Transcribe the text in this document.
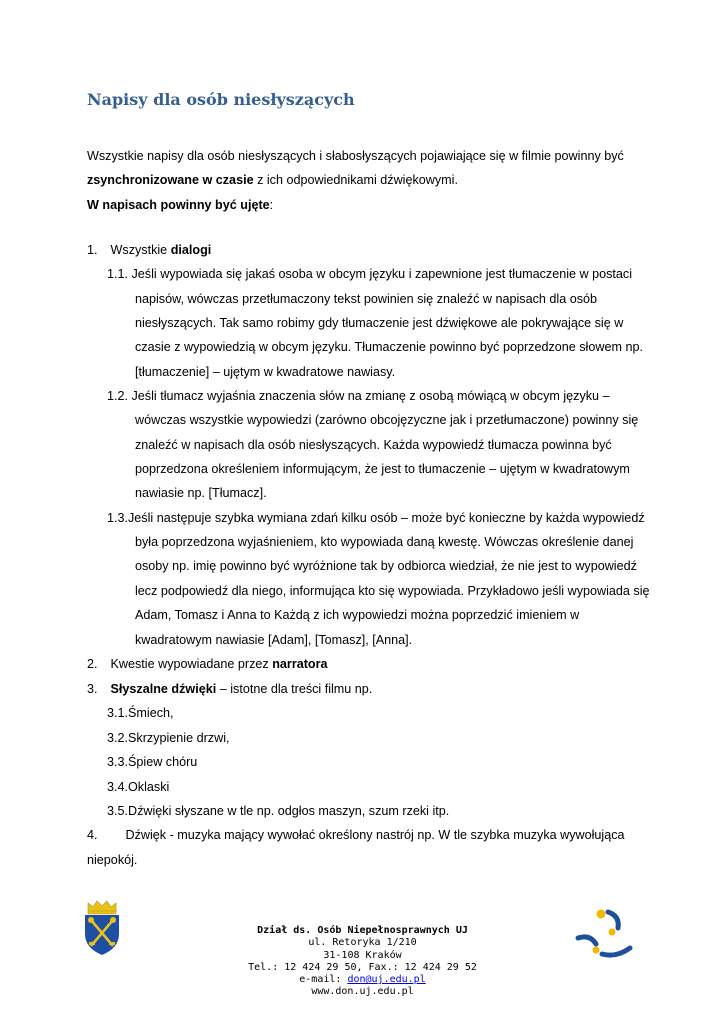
Napisy dla osób niesłyszących
Wszystkie napisy dla osób niesłyszących i słabosłyszących pojawiające się w filmie powinny być
zsynchronizowane w czasie z ich odpowiednikami dźwiękowymi.
W napisach powinny być ujęte:
1. Wszystkie dialogi
1.1. Jeśli wypowiada się jakaś osoba w obcym języku i zapewnione jest tłumaczenie w postaci
napisów, wówczas przetłumaczony tekst powinien się znaleźć w napisach dla osób
niesłyszących. Tak samo robimy gdy tłumaczenie jest dźwiękowe ale pokrywające się w
czasie z wypowiedzią w obcym języku. Tłumaczenie powinno być poprzedzone słowem np.
[tłumaczenie] – ujętym w kwadratowe nawiasy.
1.2. Jeśli tłumacz wyjaśnia znaczenia słów na zmianę z osobą mówiącą w obcym języku –
wówczas wszystkie wypowiedzi (zarówno obcojęzyczne jak i przetłumaczone) powinny się
znaleźć w napisach dla osób niesłyszących. Każda wypowiedź tłumacza powinna być
poprzedzona określeniem informującym, że jest to tłumaczenie – ujętym w kwadratowym
nawiasie np. [Tłumacz].
1.3.Jeśli następuje szybka wymiana zdań kilku osób – może być konieczne by każda wypowiedź
była poprzedzona wyjaśnieniem, kto wypowiada daną kwestę. Wówczas określenie danej
osoby np. imię powinno być wyróżnione tak by odbiorca wiedział, że nie jest to wypowiedź
lecz podpowiedź dla niego, informująca kto się wypowiada. Przykładowo jeśli wypowiada się
Adam, Tomasz i Anna to Każdą z ich wypowiedzi można poprzedzić imieniem w
kwadratowym nawiasie [Adam], [Tomasz], [Anna].
2. Kwestie wypowiadane przez narratora
3. Słyszalne dźwięki – istotne dla treści filmu np.
3.1.Śmiech,
3.2.Skrzypienie drzwi,
3.3.Śpiew chóru
3.4.Oklaski
3.5.Dźwięki słyszane w tle np. odgłos maszyn, szum rzeki itp.
4. Dźwięk - muzyka mający wywołać określony nastrój np. W tle szybka muzyka wywołująca
niepokój.
Dział ds. Osób Niepełnosprawnych UJ
ul. Retoryka 1/210
31-108 Kraków
Tel.: 12 424 29 50, Fax.: 12 424 29 52
e-mail: don@uj.edu.pl
www.don.uj.edu.pl
